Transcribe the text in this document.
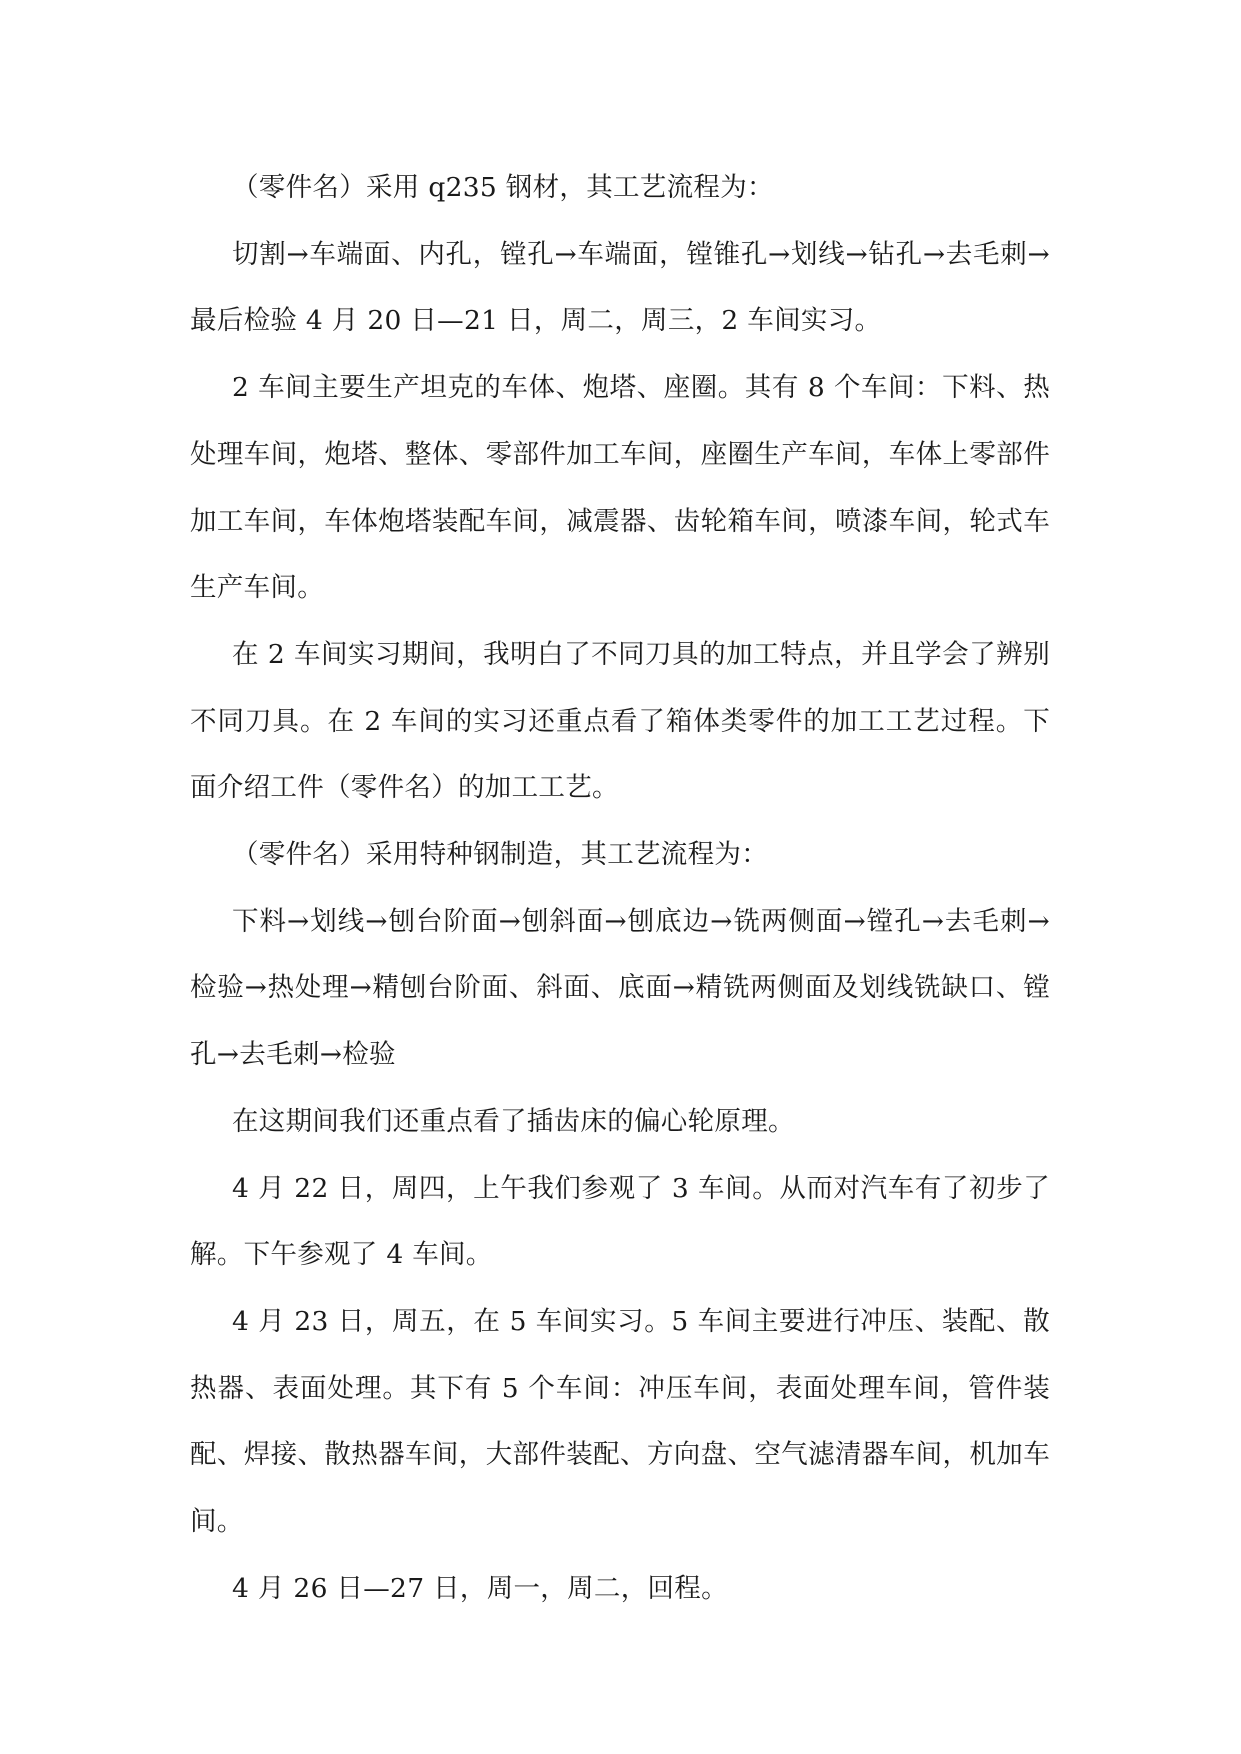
（零件名）采用 q235 钢材，其工艺流程为：

切割→车端面、内孔，镗孔→车端面，镗锥孔→划线→钻孔→去毛刺→最后检验 4 月 20 日—21 日，周二，周三，2 车间实习。

2 车间主要生产坦克的车体、炮塔、座圈。其有 8 个车间：下料、热处理车间，炮塔、整体、零部件加工车间，座圈生产车间，车体上零部件加工车间，车体炮塔装配车间，减震器、齿轮箱车间，喷漆车间，轮式车生产车间。

在 2 车间实习期间，我明白了不同刀具的加工特点，并且学会了辨别不同刀具。在 2 车间的实习还重点看了箱体类零件的加工工艺过程。下面介绍工件（零件名）的加工工艺。

（零件名）采用特种钢制造，其工艺流程为：

下料→划线→刨台阶面→刨斜面→刨底边→铣两侧面→镗孔→去毛刺→检验→热处理→精刨台阶面、斜面、底面→精铣两侧面及划线铣缺口、镗孔→去毛刺→检验

在这期间我们还重点看了插齿床的偏心轮原理。

4 月 22 日，周四，上午我们参观了 3 车间。从而对汽车有了初步了解。下午参观了 4 车间。

4 月 23 日，周五，在 5 车间实习。5 车间主要进行冲压、装配、散热器、表面处理。其下有 5 个车间：冲压车间，表面处理车间，管件装配、焊接、散热器车间，大部件装配、方向盘、空气滤清器车间，机加车间。

4 月 26 日—27 日，周一，周二，回程。
